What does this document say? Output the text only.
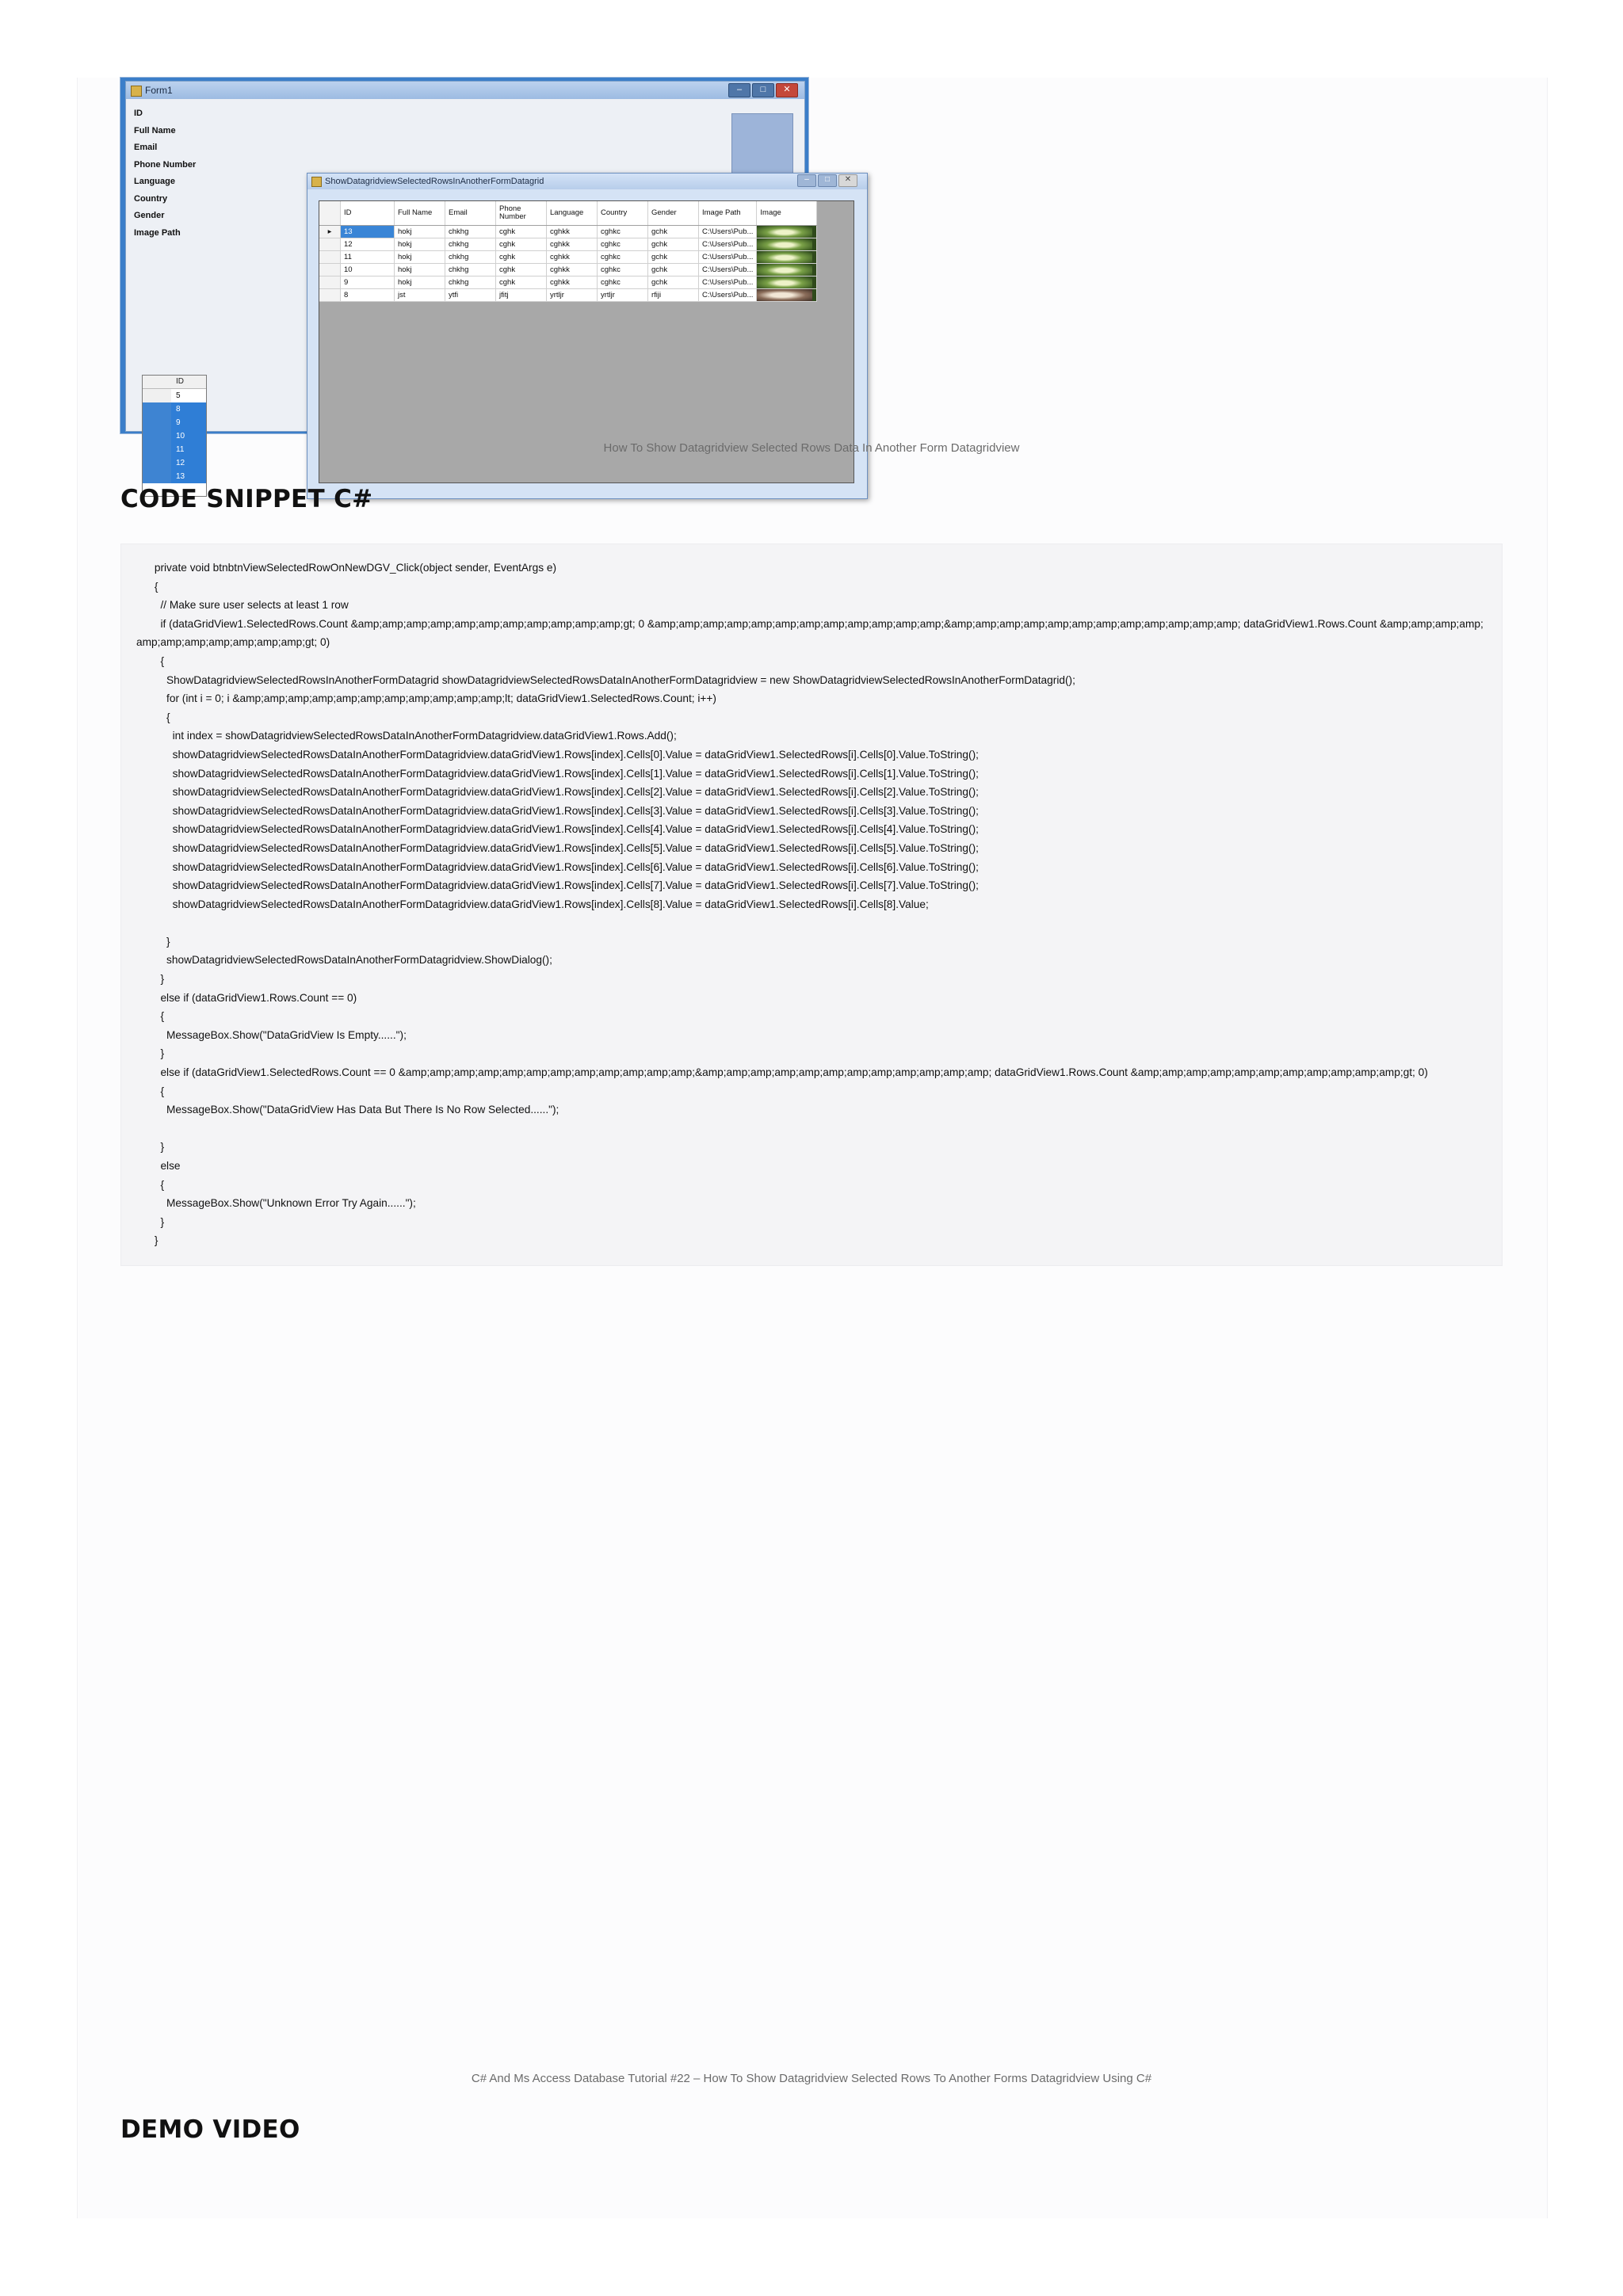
Form1	–	□	✕
ID
Full Name
Email
Phone Number
Language
Country
Gender
Image Path
ID
5
8
9
10
11
12
13
ShowDatagridviewSelectedRowsInAnotherFormDatagrid	–	□	✕
	ID	Full Name	Email	Phone Number	Language	Country	Gender	Image Path	Image
▸	13	hokj	chkhg	cghk	cghkk	cghkc	gchk	C:\Users\Pub...	

	12	hokj	chkhg	cghk	cghkk	cghkc	gchk	C:\Users\Pub...	

	11	hokj	chkhg	cghk	cghkk	cghkc	gchk	C:\Users\Pub...	

	10	hokj	chkhg	cghk	cghkk	cghkc	gchk	C:\Users\Pub...	

	9	hokj	chkhg	cghk	cghkk	cghkc	gchk	C:\Users\Pub...	

	8	jst	ytfi	jfitj	yrtljr	yrtljr	rfiji	C:\Users\Pub...	
How To Show Datagridview Selected Rows Data In Another Form Datagridview
CODE SNIPPET C#
private void btnbtnViewSelectedRowOnNewDGV_Click(object sender, EventArgs e)
{
// Make sure user selects at least 1 row
if (dataGridView1.SelectedRows.Count &amp;amp;amp;amp;amp;amp;amp;amp;amp;amp;amp;gt; 0 &amp;amp;amp;amp;amp;amp;amp;amp;amp;amp;amp;amp;&amp;amp;amp;amp;amp;amp;amp;amp;amp;amp;amp;amp; dataGridView1.Rows.Count &amp;amp;amp;amp;amp;amp;amp;amp;amp;amp;amp;gt; 0)
{
ShowDatagridviewSelectedRowsInAnotherFormDatagrid showDatagridviewSelectedRowsDataInAnotherFormDatagridview = new ShowDatagridviewSelectedRowsInAnotherFormDatagrid();
for (int i = 0; i &amp;amp;amp;amp;amp;amp;amp;amp;amp;amp;amp;lt; dataGridView1.SelectedRows.Count; i++)
{
int index = showDatagridviewSelectedRowsDataInAnotherFormDatagridview.dataGridView1.Rows.Add();
showDatagridviewSelectedRowsDataInAnotherFormDatagridview.dataGridView1.Rows[index].Cells[0].Value = dataGridView1.SelectedRows[i].Cells[0].Value.ToString();
showDatagridviewSelectedRowsDataInAnotherFormDatagridview.dataGridView1.Rows[index].Cells[1].Value = dataGridView1.SelectedRows[i].Cells[1].Value.ToString();
showDatagridviewSelectedRowsDataInAnotherFormDatagridview.dataGridView1.Rows[index].Cells[2].Value = dataGridView1.SelectedRows[i].Cells[2].Value.ToString();
showDatagridviewSelectedRowsDataInAnotherFormDatagridview.dataGridView1.Rows[index].Cells[3].Value = dataGridView1.SelectedRows[i].Cells[3].Value.ToString();
showDatagridviewSelectedRowsDataInAnotherFormDatagridview.dataGridView1.Rows[index].Cells[4].Value = dataGridView1.SelectedRows[i].Cells[4].Value.ToString();
showDatagridviewSelectedRowsDataInAnotherFormDatagridview.dataGridView1.Rows[index].Cells[5].Value = dataGridView1.SelectedRows[i].Cells[5].Value.ToString();
showDatagridviewSelectedRowsDataInAnotherFormDatagridview.dataGridView1.Rows[index].Cells[6].Value = dataGridView1.SelectedRows[i].Cells[6].Value.ToString();
showDatagridviewSelectedRowsDataInAnotherFormDatagridview.dataGridView1.Rows[index].Cells[7].Value = dataGridView1.SelectedRows[i].Cells[7].Value.ToString();
showDatagridviewSelectedRowsDataInAnotherFormDatagridview.dataGridView1.Rows[index].Cells[8].Value = dataGridView1.SelectedRows[i].Cells[8].Value;
}
showDatagridviewSelectedRowsDataInAnotherFormDatagridview.ShowDialog();
}
else if (dataGridView1.Rows.Count == 0)
{
MessageBox.Show("DataGridView Is Empty......");
}
else if (dataGridView1.SelectedRows.Count == 0 &amp;amp;amp;amp;amp;amp;amp;amp;amp;amp;amp;amp;&amp;amp;amp;amp;amp;amp;amp;amp;amp;amp;amp;amp; dataGridView1.Rows.Count &amp;amp;amp;amp;amp;amp;amp;amp;amp;amp;amp;gt; 0)
{
MessageBox.Show("DataGridView Has Data But There Is No Row Selected......");
}
else
{
MessageBox.Show("Unknown Error Try Again......");
}
}
C# And Ms Access Database Tutorial #22 – How To Show Datagridview Selected Rows To Another Forms Datagridview Using C#
DEMO VIDEO
